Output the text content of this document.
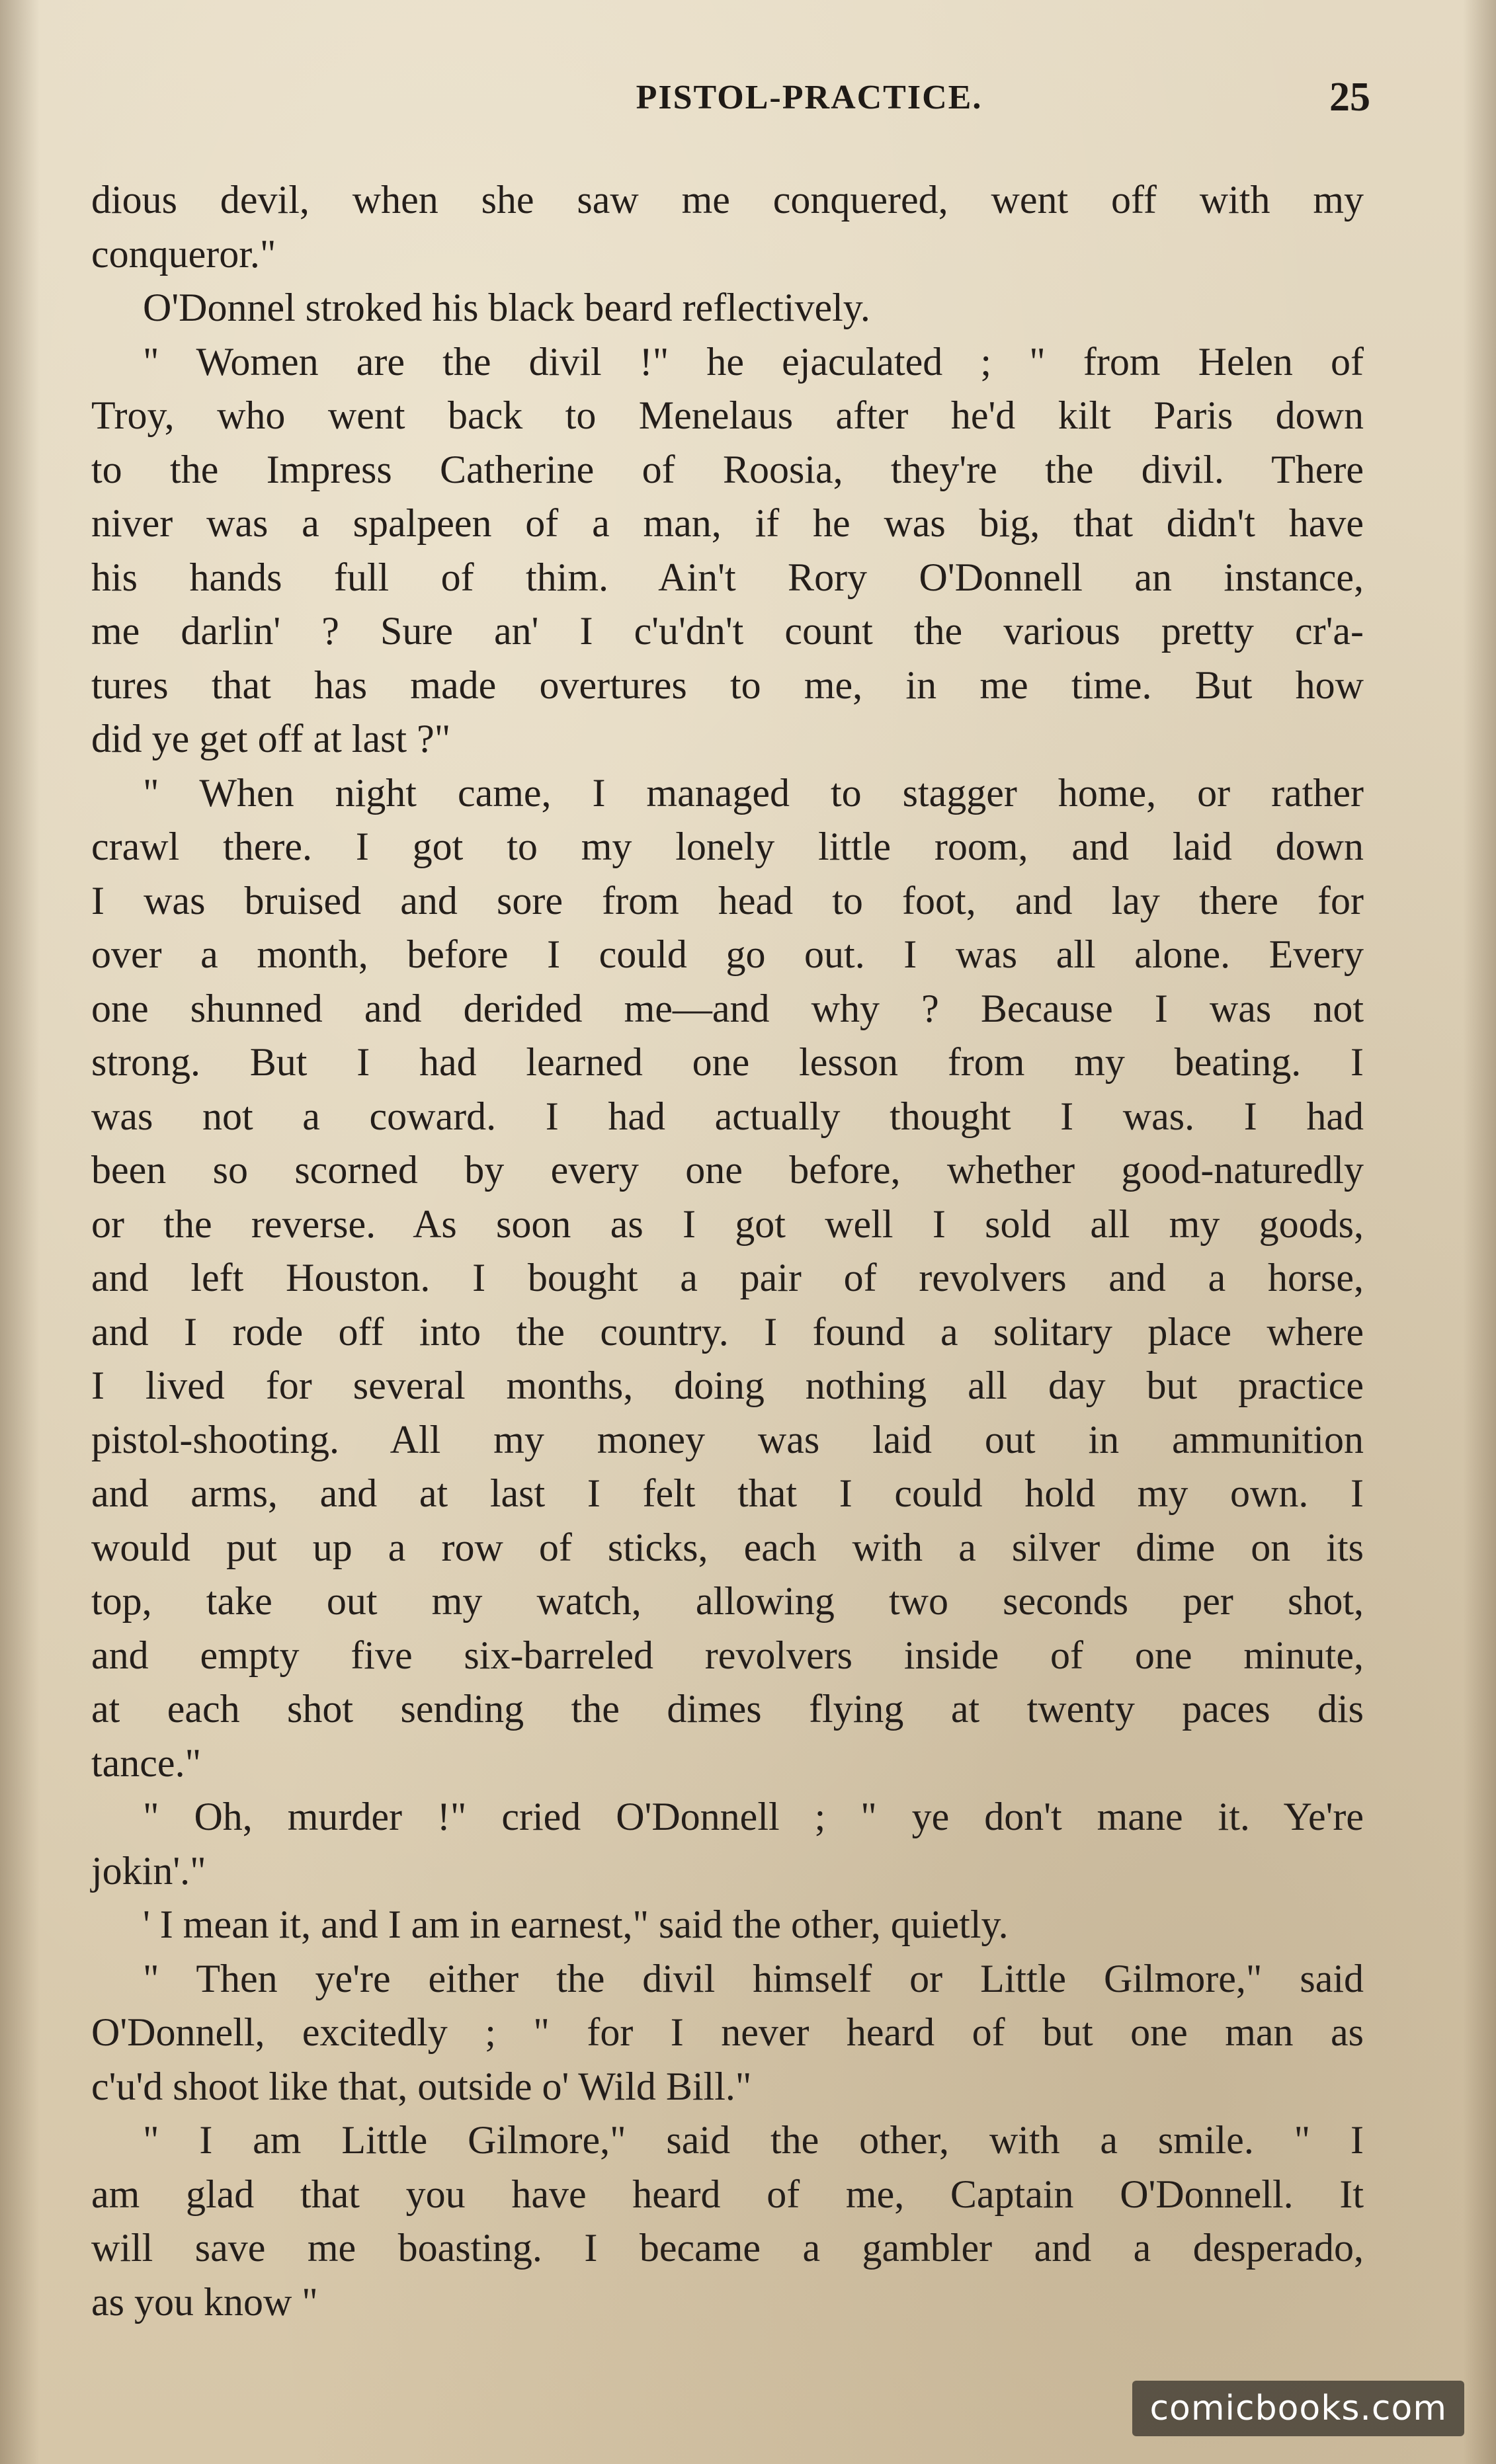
PISTOL-PRACTICE.	25
dious devil, when she saw me conquered, went off with my
conqueror."
O'Donnel stroked his black beard reflectively.
" Women are the divil !" he ejaculated ; " from Helen of
Troy, who went back to Menelaus after he'd kilt Paris down
to the Impress Catherine of Roosia, they're the divil. There
niver was a spalpeen of a man, if he was big, that didn't have
his hands full of thim. Ain't Rory O'Donnell an instance,
me darlin' ? Sure an' I c'u'dn't count the various pretty cr'a-
tures that has made overtures to me, in me time. But how
did ye get off at last ?"
" When night came, I managed to stagger home, or rather
crawl there. I got to my lonely little room, and laid down
I was bruised and sore from head to foot, and lay there for
over a month, before I could go out. I was all alone. Every
one shunned and derided me—and why ? Because I was not
strong. But I had learned one lesson from my beating. I
was not a coward. I had actually thought I was. I had
been so scorned by every one before, whether good-naturedly
or the reverse. As soon as I got well I sold all my goods,
and left Houston. I bought a pair of revolvers and a horse,
and I rode off into the country. I found a solitary place where
I lived for several months, doing nothing all day but practice
pistol-shooting. All my money was laid out in ammunition
and arms, and at last I felt that I could hold my own. I
would put up a row of sticks, each with a silver dime on its
top, take out my watch, allowing two seconds per shot,
and empty five six-barreled revolvers inside of one minute,
at each shot sending the dimes flying at twenty paces dis
tance."
" Oh, murder !" cried O'Donnell ; " ye don't mane it. Ye're
jokin'."
' I mean it, and I am in earnest," said the other, quietly.
" Then ye're either the divil himself or Little Gilmore," said
O'Donnell, excitedly ; " for I never heard of but one man as
c'u'd shoot like that, outside o' Wild Bill."
" I am Little Gilmore," said the other, with a smile. " I
am glad that you have heard of me, Captain O'Donnell. It
will save me boasting. I became a gambler and a desperado,
as you know "
comicbooks.com
